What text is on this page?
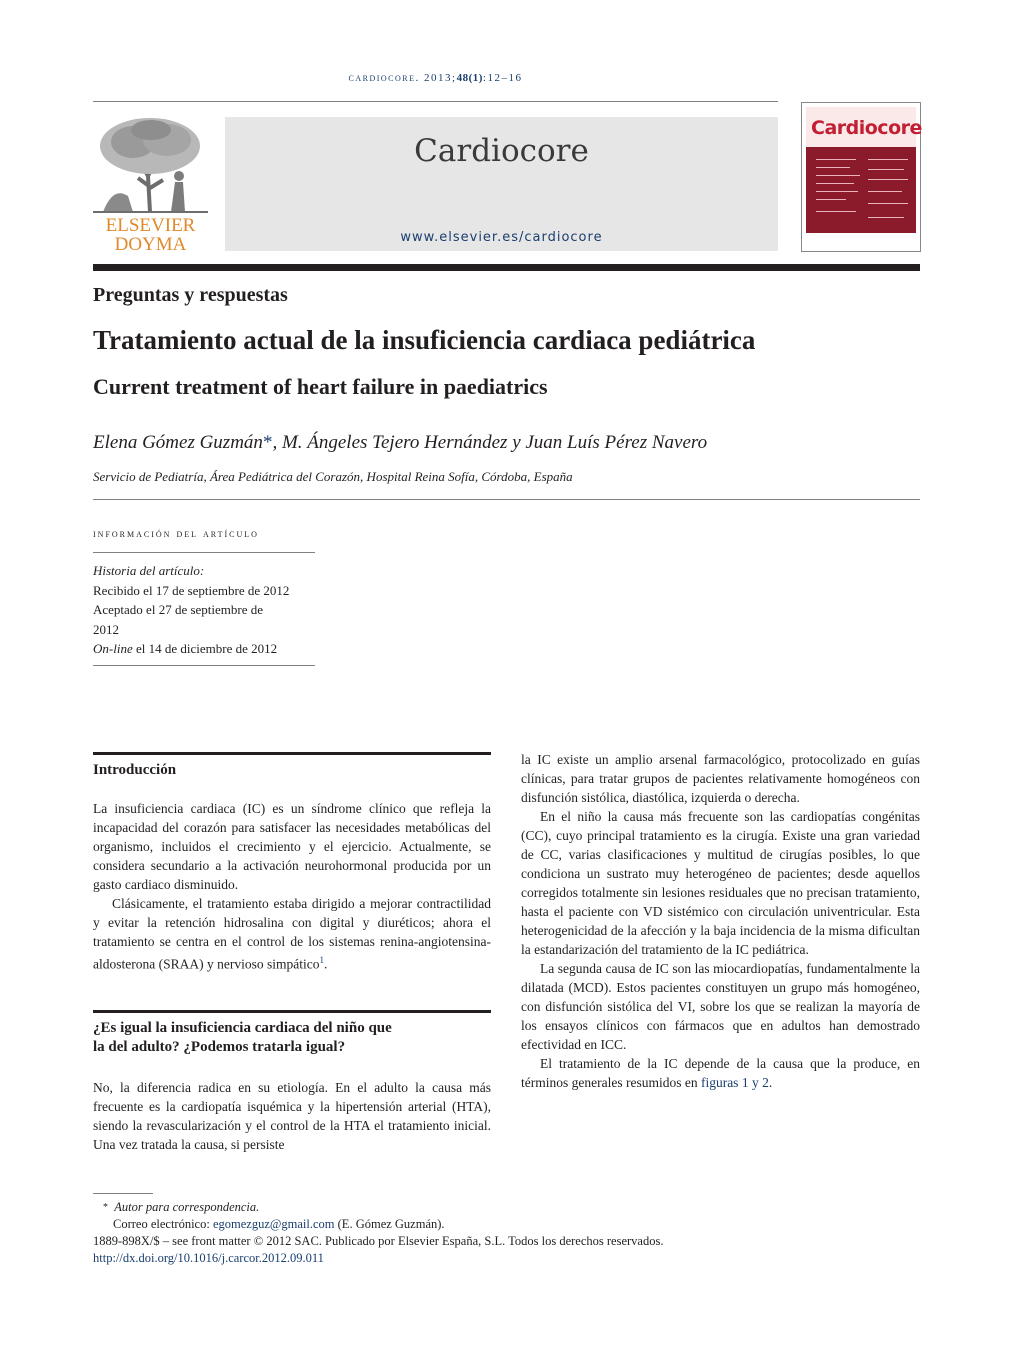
cardiocore. 2013;48(1):12–16
ELSEVIER
DOYMA
Cardiocore
www.elsevier.es/cardiocore
Cardiocore
Preguntas y respuestas
Tratamiento actual de la insuficiencia cardiaca pediátrica
Current treatment of heart failure in paediatrics
Elena Gómez Guzmán*, M. Ángeles Tejero Hernández y Juan Luís Pérez Navero
Servicio de Pediatría, Área Pediátrica del Corazón, Hospital Reina Sofía, Córdoba, España
información del artículo
Historia del artículo:
Recibido el 17 de septiembre de 2012
Aceptado el 27 de septiembre de
2012
On-line el 14 de diciembre de 2012
Introducción

La insuficiencia cardiaca (IC) es un síndrome clínico que refleja la incapacidad del corazón para satisfacer las necesidades metabólicas del organismo, incluidos el crecimiento y el ejercicio. Actualmente, se considera secundario a la activación neurohormonal producida por un gasto cardiaco disminuido.

Clásicamente, el tratamiento estaba dirigido a mejorar contractilidad y evitar la retención hidrosalina con digital y diuréticos; ahora el tratamiento se centra en el control de los sistemas renina-angiotensina-aldosterona (SRAA) y nervioso simpático$^1$.

¿Es igual la insuficiencia cardiaca del niño que
la del adulto? ¿Podemos tratarla igual?

No, la diferencia radica en su etiología. En el adulto la causa más frecuente es la cardiopatía isquémica y la hipertensión arterial (HTA), siendo la revascularización y el control de la HTA el tratamiento inicial. Una vez tratada la causa, si persiste

la IC existe un amplio arsenal farmacológico, protocolizado en guías clínicas, para tratar grupos de pacientes relativamente homogéneos con disfunción sistólica, diastólica, izquierda o derecha.

En el niño la causa más frecuente son las cardiopatías congénitas (CC), cuyo principal tratamiento es la cirugía. Existe una gran variedad de CC, varias clasificaciones y multitud de cirugías posibles, lo que condiciona un sustrato muy heterogéneo de pacientes; desde aquellos corregidos totalmente sin lesiones residuales que no precisan tratamiento, hasta el paciente con VD sistémico con circulación univentricular. Esta heterogenicidad de la afección y la baja incidencia de la misma dificultan la estandarización del tratamiento de la IC pediátrica.

La segunda causa de IC son las miocardiopatías, fundamentalmente la dilatada (MCD). Estos pacientes constituyen un grupo más homogéneo, con disfunción sistólica del VI, sobre los que se realizan la mayoría de los ensayos clínicos con fármacos que en adultos han demostrado efectividad en ICC.

El tratamiento de la IC depende de la causa que la produce, en términos generales resumidos en figuras 1 y 2.

* Autor para correspondencia.
Correo electrónico: egomezguz@gmail.com (E. Gómez Guzmán).
1889-898X/$ – see front matter © 2012 SAC. Publicado por Elsevier España, S.L. Todos los derechos reservados.
http://dx.doi.org/10.1016/j.carcor.2012.09.011
